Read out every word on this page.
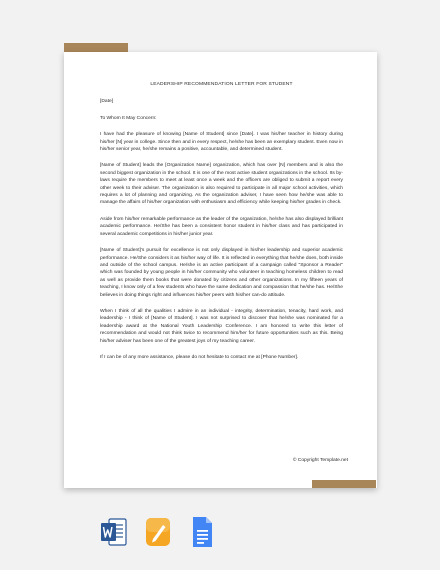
LEADERSHIP RECOMMENDATION LETTER FOR STUDENT
[Date]
To Whom It May Concern:

I have had the pleasure of knowing [Name of Student] since [Date]. I was his/her teacher in history during his/her [N] year in college. Since then and in every respect, he/she has been an exemplary student. Even now in his/her senior year, he/she remains a positive, accountable, and determined student.

[Name of Student] leads the [Organization Name] organization, which has over [N] members and is also the second biggest organization in the school. It is one of the most active student organizations in the school. Its by-laws require the members to meet at least once a week and the officers are obliged to submit a report every other week to their adviser. The organization is also required to participate in all major school activities, which requires a lot of planning and organizing. As the organization adviser, I have seen how he/she was able to manage the affairs of his/her organization with enthusiasm and efficiency while keeping his/her grades in check.

Aside from his/her remarkable performance as the leader of the organization, he/she has also displayed brilliant academic performance. He/She has been a consistent honor student in his/her class and has participated in several academic competitions in his/her junior year.

[Name of Student]'s pursuit for excellence is not only displayed in his/her leadership and superior academic performance. He/She considers it as his/her way of life. It is reflected in everything that he/she does, both inside and outside of the school campus. He/she is an active participant of a campaign called "Sponsor a Reader" which was founded by young people in his/her community who volunteer in teaching homeless children to read as well as provide them books that were donated by citizens and other organizations. In my fifteen years of teaching, I know only of a few students who have the same dedication and compassion that he/she has. He/She believes in doing things right and influences his/her peers with his/her can-do attitude.

When I think of all the qualities I admire in an individual - integrity, determination, tenacity, hard work, and leadership - I think of [Name of Student]. I was not surprised to discover that he/she was nominated for a leadership award at the National Youth Leadership Conference. I am honored to write this letter of recommendation and would not think twice to recommend him/her for future opportunities such as this. Being his/her adviser has been one of the greatest joys of my teaching career.

If I can be of any more assistance, please do not hesitate to contact me at [Phone Number].

© Copyright Template.net
